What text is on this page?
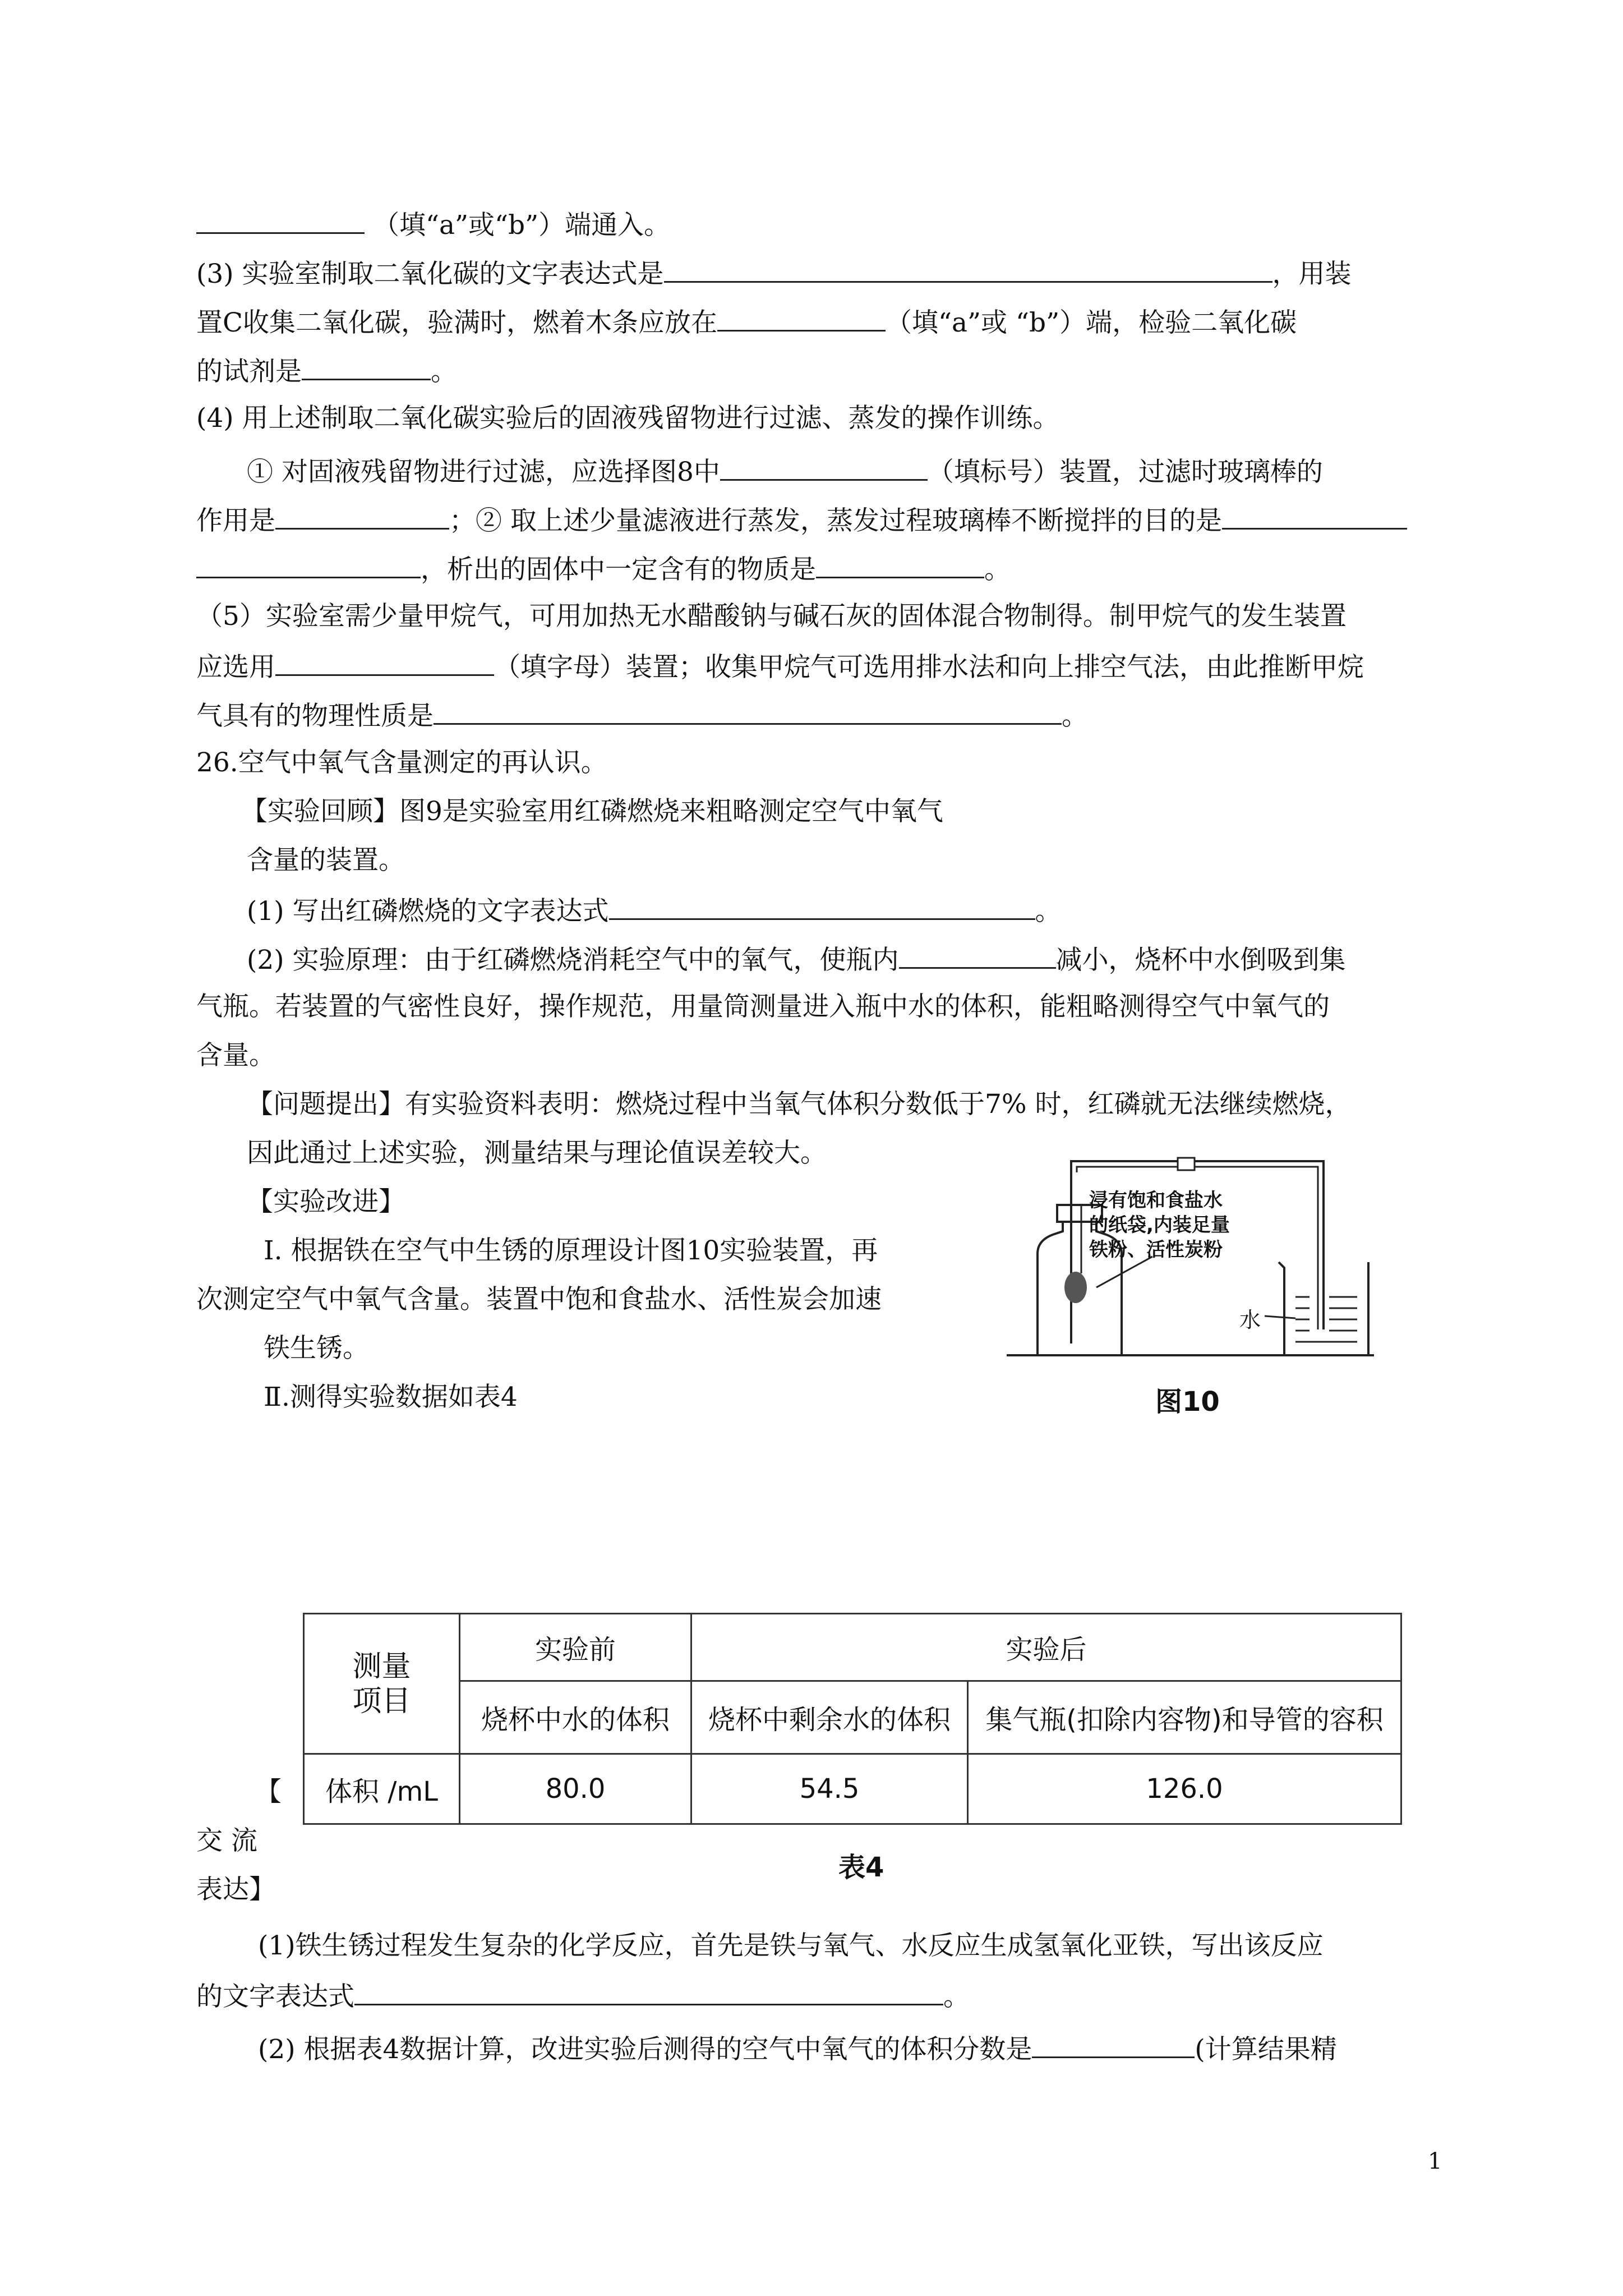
（填“a”或“b”）端通入。
(3) 实验室制取二氧化碳的文字表达式是	，用装
置C收集二氧化碳，验满时，燃着木条应放在	（填“a”或 “b”）端，检验二氧化碳
的试剂是	。
(4) 用上述制取二氧化碳实验后的固液残留物进行过滤、蒸发的操作训练。
① 对固液残留物进行过滤，应选择图8中	（填标号）装置，过滤时玻璃棒的
作用是	；② 取上述少量滤液进行蒸发，蒸发过程玻璃棒不断搅拌的目的是
，析出的固体中一定含有的物质是	。
（5）实验室需少量甲烷气，可用加热无水醋酸钠与碱石灰的固体混合物制得。制甲烷气的发生装置
应选用	（填字母）装置；收集甲烷气可选用排水法和向上排空气法，由此推断甲烷
气具有的物理性质是	。
26.空气中氧气含量测定的再认识。
【实验回顾】图9是实验室用红磷燃烧来粗略测定空气中氧气
含量的装置。
(1) 写出红磷燃烧的文字表达式	。
(2) 实验原理：由于红磷燃烧消耗空气中的氧气，使瓶内	减小，烧杯中水倒吸到集
气瓶。若装置的气密性良好，操作规范，用量筒测量进入瓶中水的体积，能粗略测得空气中氧气的
含量。
【问题提出】有实验资料表明：燃烧过程中当氧气体积分数低于7% 时，红磷就无法继续燃烧，
因此通过上述实验，测量结果与理论值误差较大。
【实验改进】
Ⅰ. 根据铁在空气中生锈的原理设计图10实验装置，再
次测定空气中氧气含量。装置中饱和食盐水、活性炭会加速
铁生锈。
Ⅱ.测得实验数据如表4
浸有饱和食盐水
的纸袋,内装足量
铁粉、活性炭粉
水
图10
测量
项目	实验前	实验后	
	烧杯中水的体积	烧杯中剩余水的体积	集气瓶(扣除内容物)和导管的容积
体积 /mL	80.0	54.5	126.0
表4
【
交 流
表达】
(1)铁生锈过程发生复杂的化学反应，首先是铁与氧气、水反应生成氢氧化亚铁，写出该反应
的文字表达式	。
(2) 根据表4数据计算，改进实验后测得的空气中氧气的体积分数是	(计算结果精
1
